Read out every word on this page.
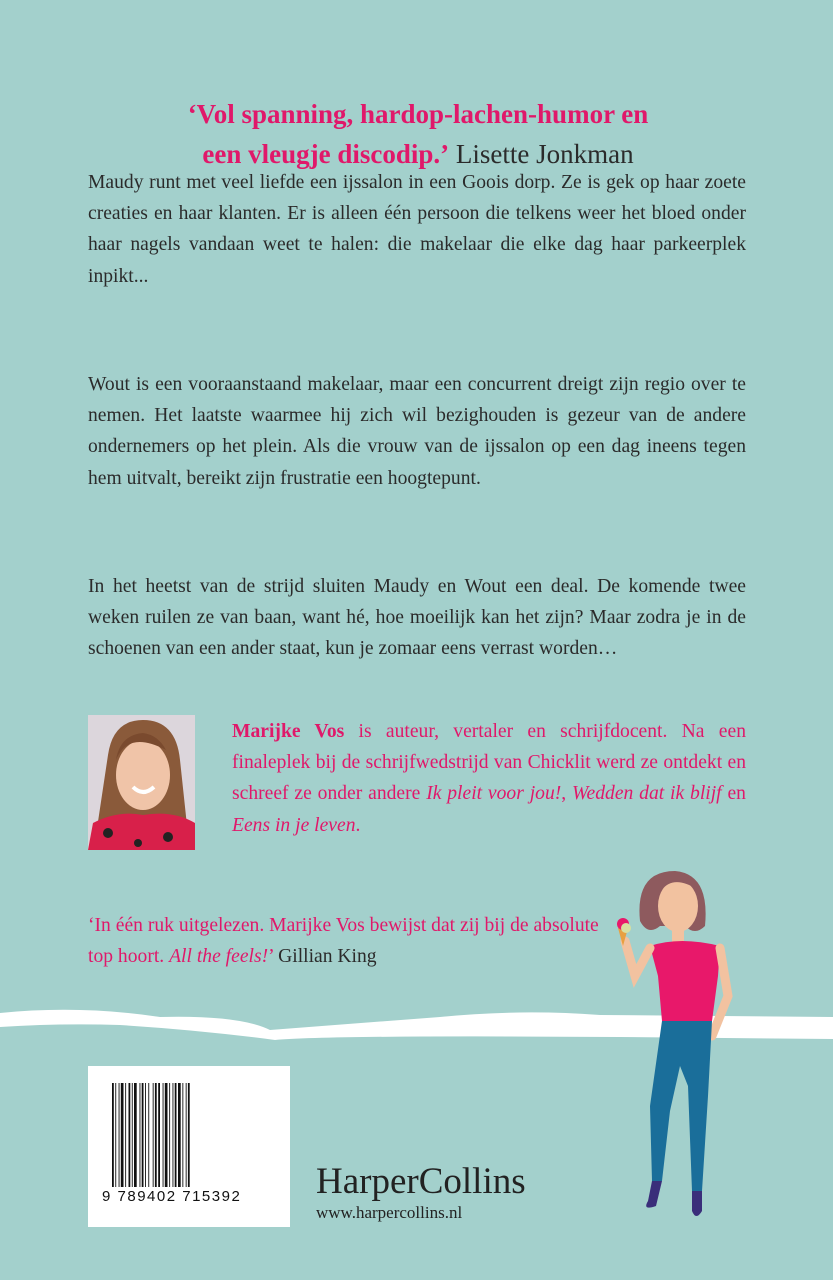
‘Vol spanning, hardop-lachen-humor en
een vleugje discodip.’ Lisette Jonkman
Maudy runt met veel liefde een ijssalon in een Goois dorp. Ze is gek op haar zoete creaties en haar klanten. Er is alleen één persoon die telkens weer het bloed onder haar nagels vandaan weet te halen: die makelaar die elke dag haar parkeerplek inpikt...
Wout is een vooraanstaand makelaar, maar een concurrent dreigt zijn regio over te nemen. Het laatste waarmee hij zich wil bezighouden is gezeur van de andere ondernemers op het plein. Als die vrouw van de ijssalon op een dag ineens tegen hem uitvalt, bereikt zijn frustratie een hoogtepunt.
In het heetst van de strijd sluiten Maudy en Wout een deal. De komende twee weken ruilen ze van baan, want hé, hoe moeilijk kan het zijn? Maar zodra je in de schoenen van een ander staat, kun je zomaar eens verrast worden…
Marijke Vos is auteur, vertaler en schrijfdocent. Na een finaleplek bij de schrijfwedstrijd van Chicklit werd ze ontdekt en schreef ze onder andere Ik pleit voor jou!, Wedden dat ik blijf en Eens in je leven.
‘In één ruk uitgelezen. Marijke Vos bewijst dat zij bij de absolute top hoort. All the feels!’ Gillian King
9 789402 715392 HarperCollins
www.harpercollins.nl
